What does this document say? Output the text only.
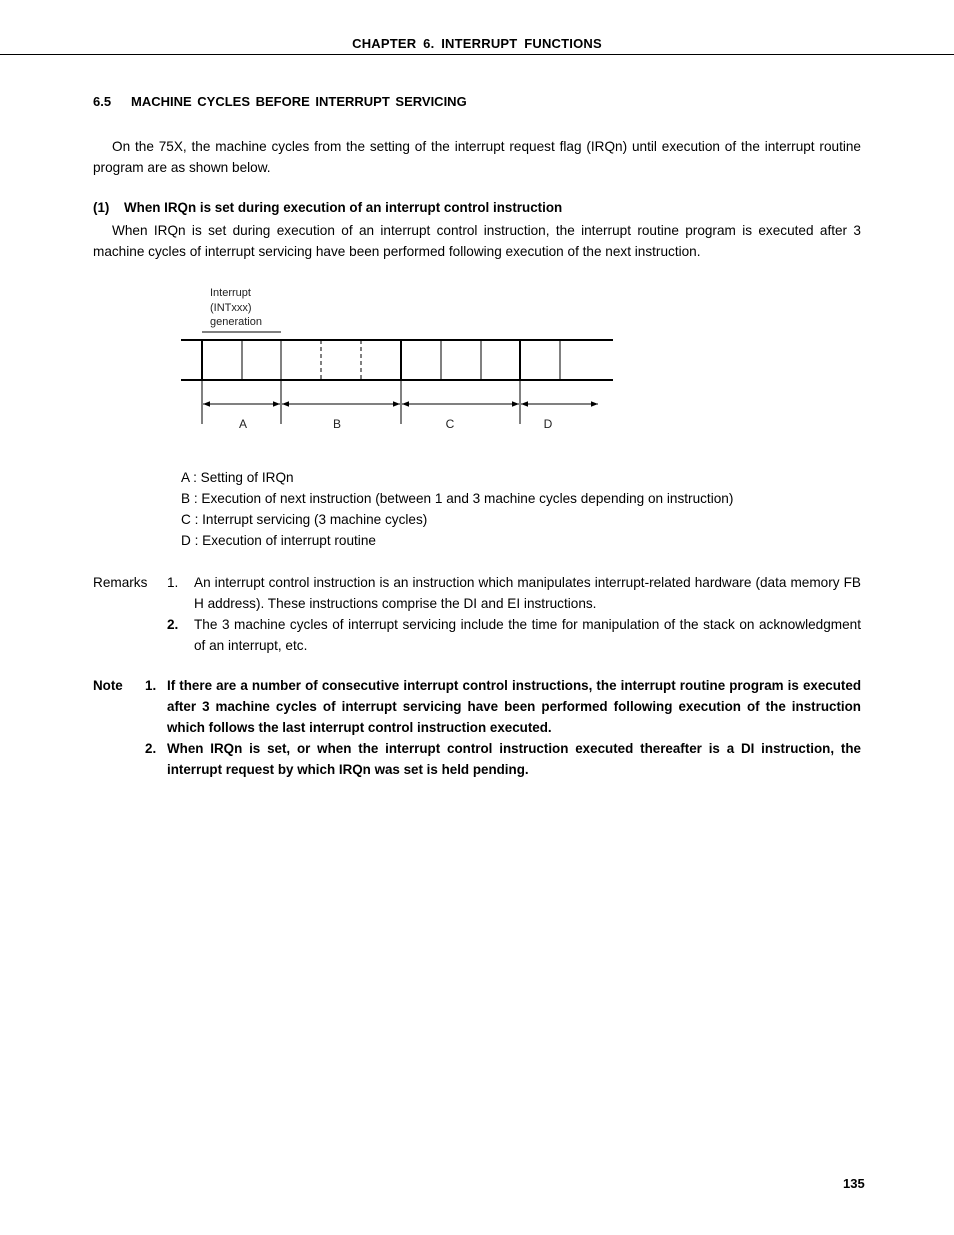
CHAPTER 6. INTERRUPT FUNCTIONS
6.5 MACHINE CYCLES BEFORE INTERRUPT SERVICING
On the 75X, the machine cycles from the setting of the interrupt request flag (IRQn) until execution of the interrupt routine program are as shown below.
(1) When IRQn is set during execution of an interrupt control instruction
When IRQn is set during execution of an interrupt control instruction, the interrupt routine program is executed after 3 machine cycles of interrupt servicing have been performed following execution of the next instruction.
Interrupt
(INTxxx)
generation
A	B	C	D
A : Setting of IRQn
B : Execution of next instruction (between 1 and 3 machine cycles depending on instruction)
C : Interrupt servicing (3 machine cycles)
D : Execution of interrupt routine
Remarks 1. An interrupt control instruction is an instruction which manipulates interrupt-related hardware (data memory FB H address). These instructions comprise the DI and EI instructions.
2. The 3 machine cycles of interrupt servicing include the time for manipulation of the stack on acknowledgment of an interrupt, etc.
Note 1. If there are a number of consecutive interrupt control instructions, the interrupt routine program is executed after 3 machine cycles of interrupt servicing have been performed following execution of the instruction which follows the last interrupt control instruction executed.
2. When IRQn is set, or when the interrupt control instruction executed thereafter is a DI instruction, the interrupt request by which IRQn was set is held pending.
135
